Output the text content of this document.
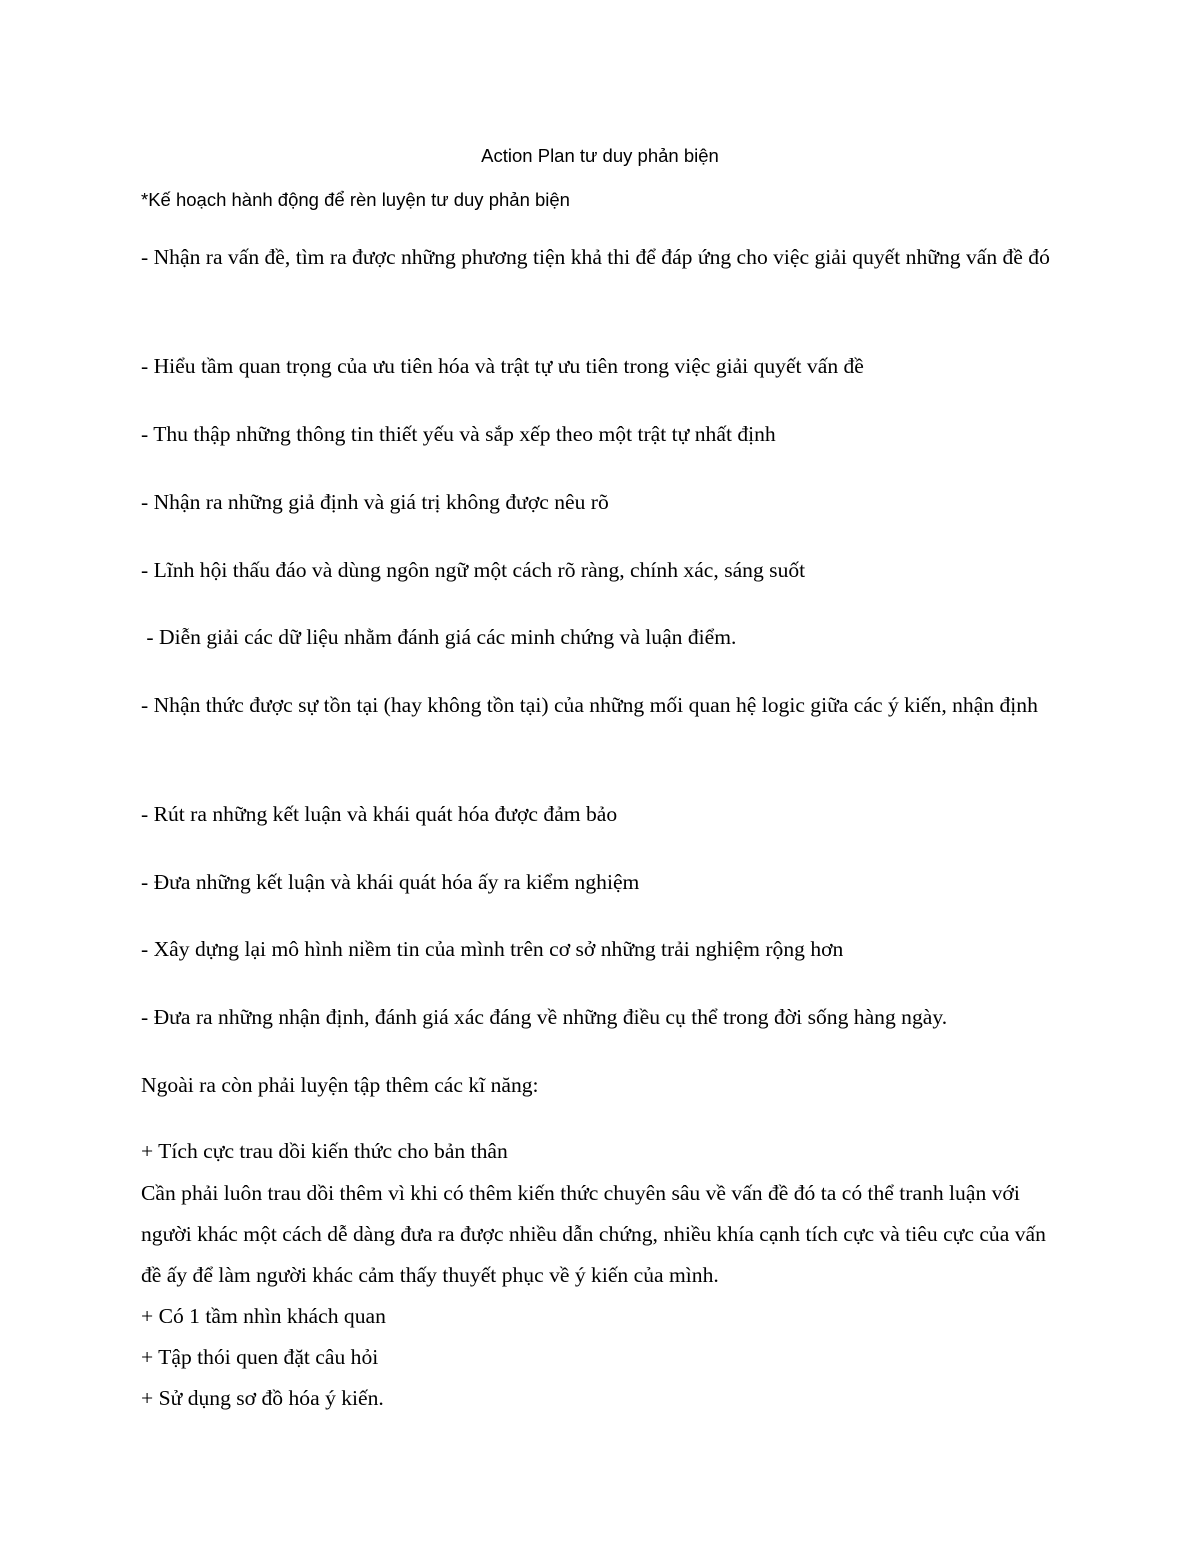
Action Plan tư duy phản biện
*Kế hoạch hành động để rèn luyện tư duy phản biện

- Nhận ra vấn đề, tìm ra được những phương tiện khả thi để đáp ứng cho việc giải quyết những vấn đề đó

- Hiểu tầm quan trọng của ưu tiên hóa và trật tự ưu tiên trong việc giải quyết vấn đề

- Thu thập những thông tin thiết yếu và sắp xếp theo một trật tự nhất định

- Nhận ra những giả định và giá trị không được nêu rõ

- Lĩnh hội thấu đáo và dùng ngôn ngữ một cách rõ ràng, chính xác, sáng suốt

- Diễn giải các dữ liệu nhằm đánh giá các minh chứng và luận điểm.

- Nhận thức được sự tồn tại (hay không tồn tại) của những mối quan hệ logic giữa các ý kiến, nhận định

- Rút ra những kết luận và khái quát hóa được đảm bảo

- Đưa những kết luận và khái quát hóa ấy ra kiểm nghiệm

- Xây dựng lại mô hình niềm tin của mình trên cơ sở những trải nghiệm rộng hơn

- Đưa ra những nhận định, đánh giá xác đáng về những điều cụ thể trong đời sống hàng ngày.

Ngoài ra còn phải luyện tập thêm các kĩ năng:

+ Tích cực trau dồi kiến thức cho bản thân

Cần phải luôn trau dồi thêm vì khi có thêm kiến thức chuyên sâu về vấn đề đó ta có thể tranh luận với người khác một cách dễ dàng đưa ra được nhiều dẫn chứng, nhiều khía cạnh tích cực và tiêu cực của vấn đề ấy để làm người khác cảm thấy thuyết phục về ý kiến của mình.

+ Có 1 tầm nhìn khách quan

+ Tập thói quen đặt câu hỏi

+ Sử dụng sơ đồ hóa ý kiến.
